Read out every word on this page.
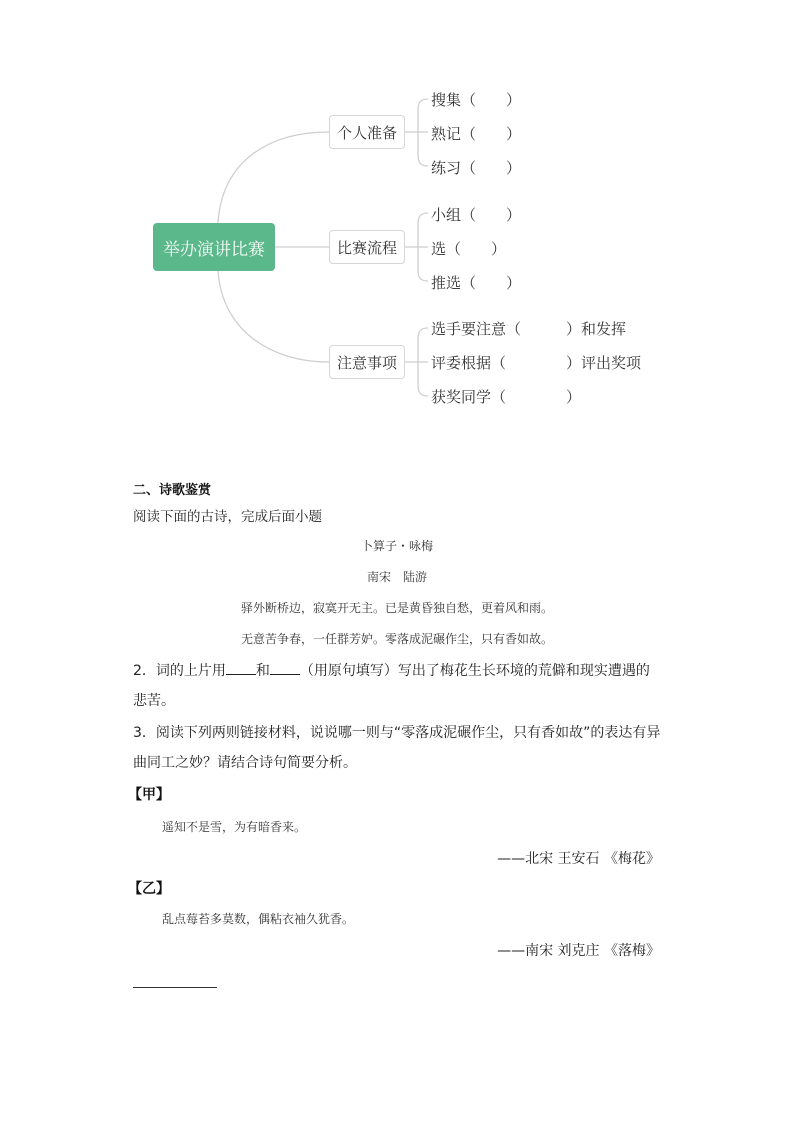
举办演讲比赛
个人准备
比赛流程
注意事项
搜集（　　）
熟记（　　）
练习（　　）
小组（　　）
选（　　）
推选（　　）
选手要注意（　　　）和发挥
评委根据（　　　　）评出奖项
获奖同学（　　　　）
二、诗歌鉴赏
阅读下面的古诗，完成后面小题
卜算子・咏梅
南宋　陆游
驿外断桥边，寂寞开无主。已是黄昏独自愁，更着风和雨。
无意苦争春，一任群芳妒。零落成泥碾作尘，只有香如故。
2．词的上片用 和 （用原句填写）写出了梅花生长环境的荒僻和现实遭遇的
悲苦。
3．阅读下列两则链接材料，说说哪一则与“零落成泥碾作尘，只有香如故”的表达有异
曲同工之妙？请结合诗句简要分析。
【甲】
遥知不是雪，为有暗香来。
——北宋 王安石 《梅花》
【乙】
乱点莓苔多莫数，偶粘衣袖久犹香。
——南宋 刘克庄 《落梅》
